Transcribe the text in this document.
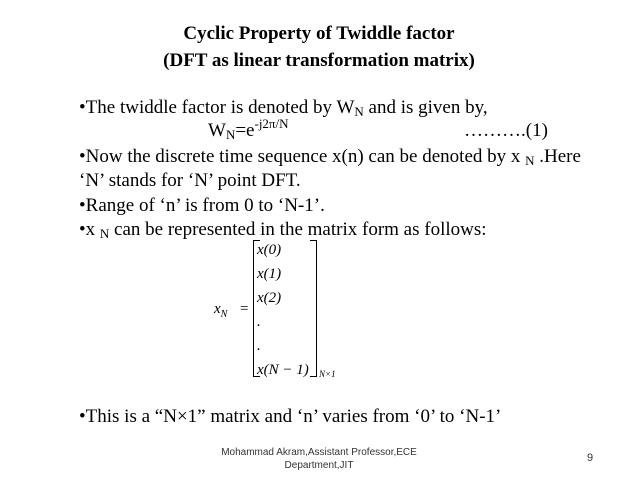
Cyclic Property of Twiddle factor
(DFT as linear transformation matrix)
•The twiddle factor is denoted by WN and is given by,
$WN=e^{-j2\pi/N}$	……….(1)
•Now the discrete time sequence x(n) can be denoted by x N .Here
‘N’ stands for ‘N’ point DFT.
•Range of ‘n’ is from 0 to ‘N-1’.
•x N can be represented in the matrix form as follows:
$x_N$ =
x(0)
x(1)
x(2)
.
.
x(N − 1) N×1
•This is a “N×1” matrix and ‘n’ varies from ‘0’ to ‘N-1’
Mohammad Akram,Assistant Professor,ECE Department,JIT
9
